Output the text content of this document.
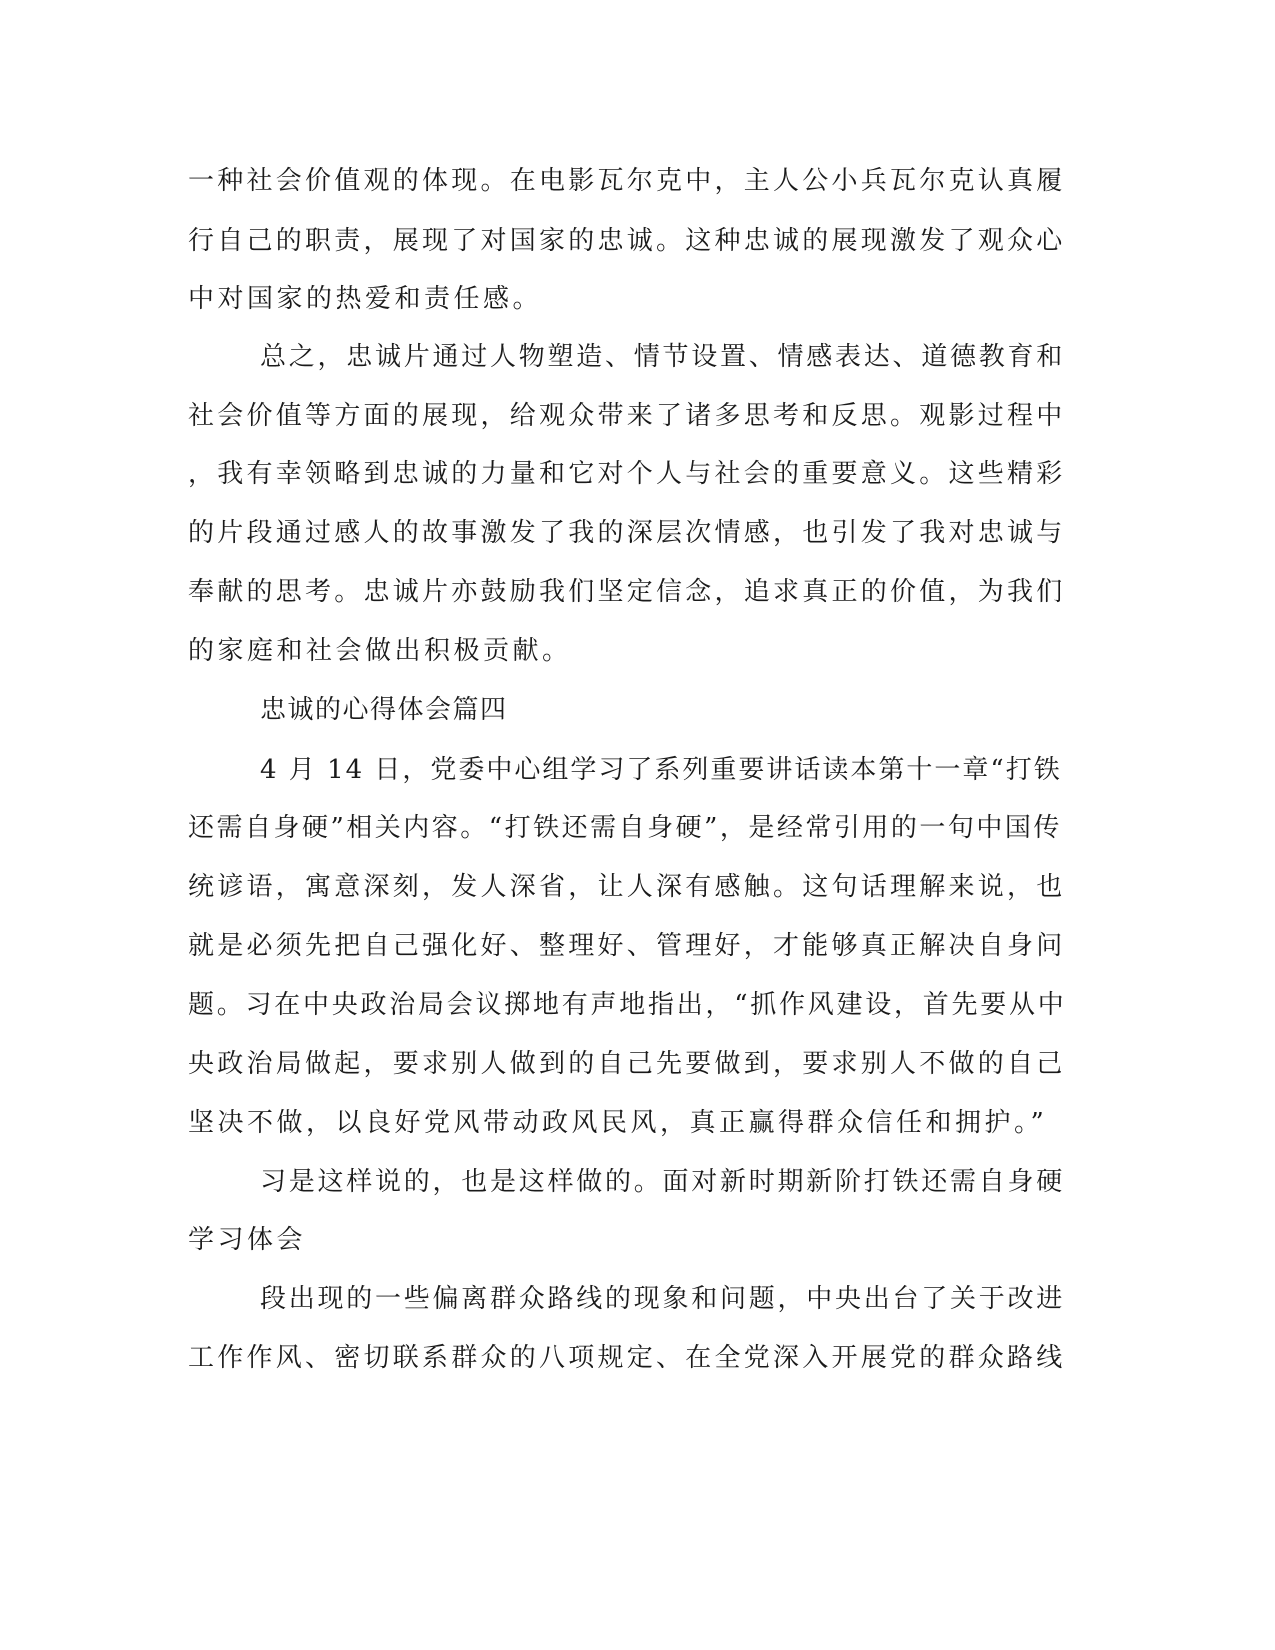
一种社会价值观的体现。在电影瓦尔克中，主人公小兵瓦尔克认真履
行自己的职责，展现了对国家的忠诚。这种忠诚的展现激发了观众心
中对国家的热爱和责任感。
总之，忠诚片通过人物塑造、情节设置、情感表达、道德教育和
社会价值等方面的展现，给观众带来了诸多思考和反思。观影过程中
，我有幸领略到忠诚的力量和它对个人与社会的重要意义。这些精彩
的片段通过感人的故事激发了我的深层次情感，也引发了我对忠诚与
奉献的思考。忠诚片亦鼓励我们坚定信念，追求真正的价值，为我们
的家庭和社会做出积极贡献。
忠诚的心得体会篇四
4 月 14 日，党委中心组学习了系列重要讲话读本第十一章“打铁
还需自身硬”相关内容。“打铁还需自身硬”，是经常引用的一句中国传
统谚语，寓意深刻，发人深省，让人深有感触。这句话理解来说，也
就是必须先把自己强化好、整理好、管理好，才能够真正解决自身问
题。习在中央政治局会议掷地有声地指出，“抓作风建设，首先要从中
央政治局做起，要求别人做到的自己先要做到，要求别人不做的自己
坚决不做，以良好党风带动政风民风，真正赢得群众信任和拥护。”
习是这样说的，也是这样做的。面对新时期新阶打铁还需自身硬
学习体会
段出现的一些偏离群众路线的现象和问题，中央出台了关于改进
工作作风、密切联系群众的八项规定、在全党深入开展党的群众路线
